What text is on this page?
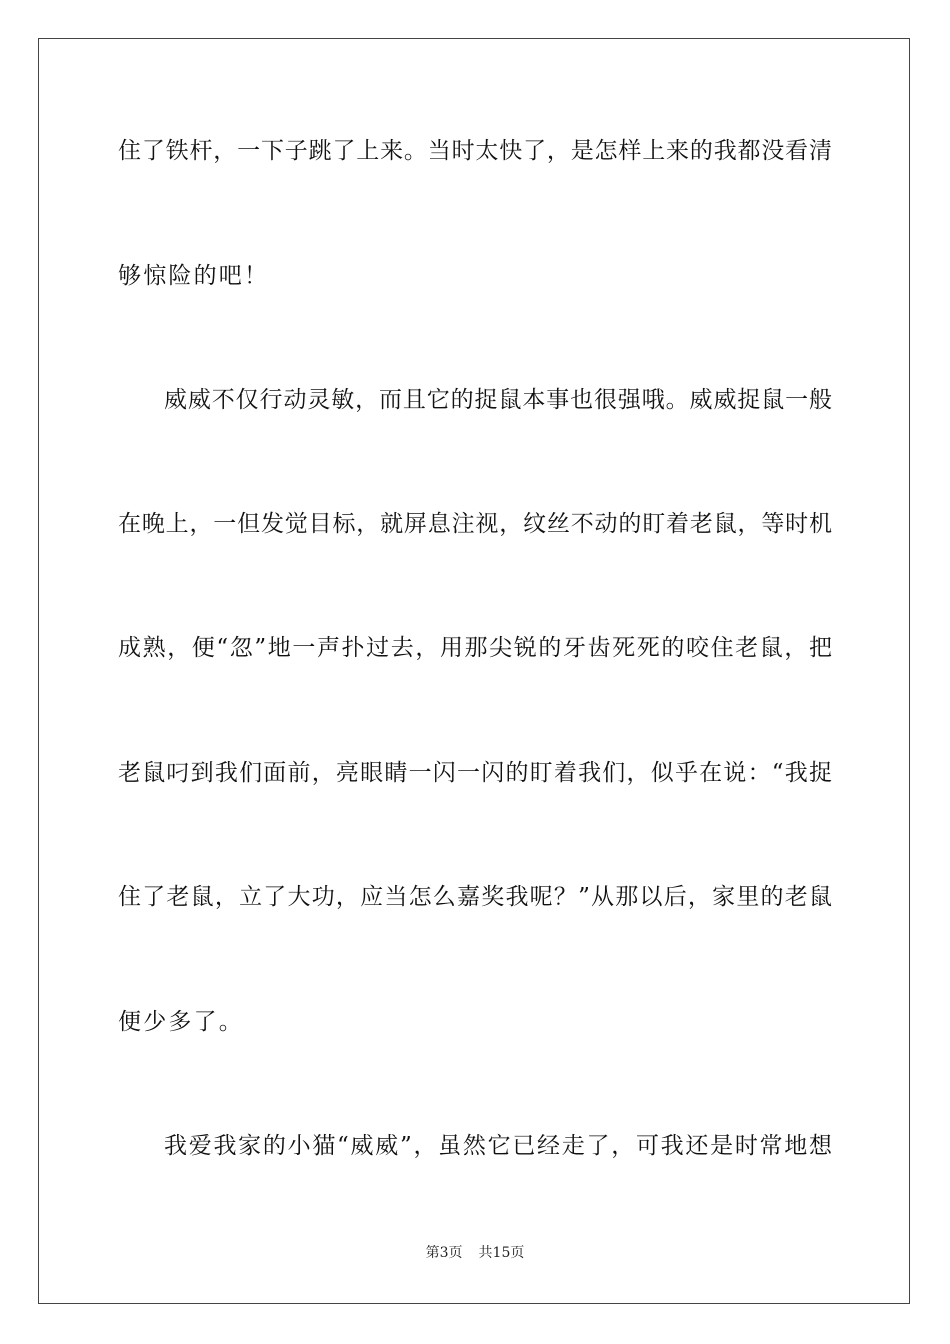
住了铁杆，一下子跳了上来。当时太快了，是怎样上来的我都没看清
够惊险的吧！
威威不仅行动灵敏，而且它的捉鼠本事也很强哦。威威捉鼠一般
在晚上，一但发觉目标，就屏息注视，纹丝不动的盯着老鼠，等时机
成熟，便“忽”地一声扑过去，用那尖锐的牙齿死死的咬住老鼠，把
老鼠叼到我们面前，亮眼睛一闪一闪的盯着我们，似乎在说：“我捉
住了老鼠，立了大功，应当怎么嘉奖我呢？”从那以后，家里的老鼠
便少多了。
我爱我家的小猫“威威”，虽然它已经走了，可我还是时常地想
第3页 共15页
